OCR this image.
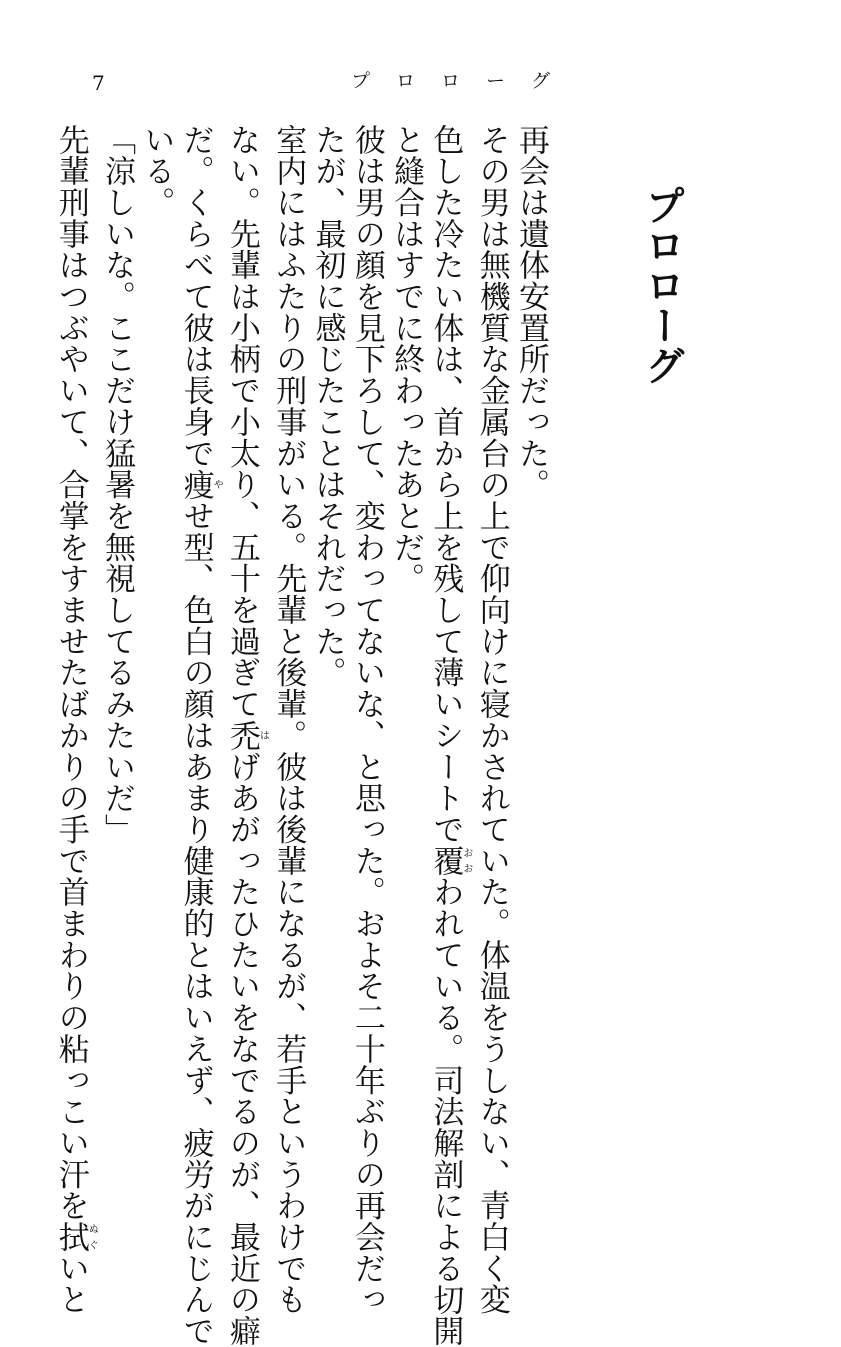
7	プロローグ
プロローグ
再会は遺体安置所だった。
その男は無機質な金属台の上で仰向けに寝かされていた。体温をうしない、青白く変
色した冷たい体は、首から上を残して薄いシートで覆おおわれている。司法解剖による切開
と縫合はすでに終わったあとだ。
彼は男の顔を見下ろして、変わってないな、と思った。およそ二十年ぶりの再会だっ
たが、最初に感じたことはそれだった。
室内にはふたりの刑事がいる。先輩と後輩。彼は後輩になるが、若手というわけでも
ない。先輩は小柄で小太り、五十を過ぎて禿はげあがったひたいをなでるのが、最近の癖
だ。くらべて彼は長身で痩やせ型、色白の顔はあまり健康的とはいえず、疲労がにじんで
いる。
「涼しいな。ここだけ猛暑を無視してるみたいだ」
先輩刑事はつぶやいて、合掌をすませたばかりの手で首まわりの粘っこい汗を拭ぬぐいと
